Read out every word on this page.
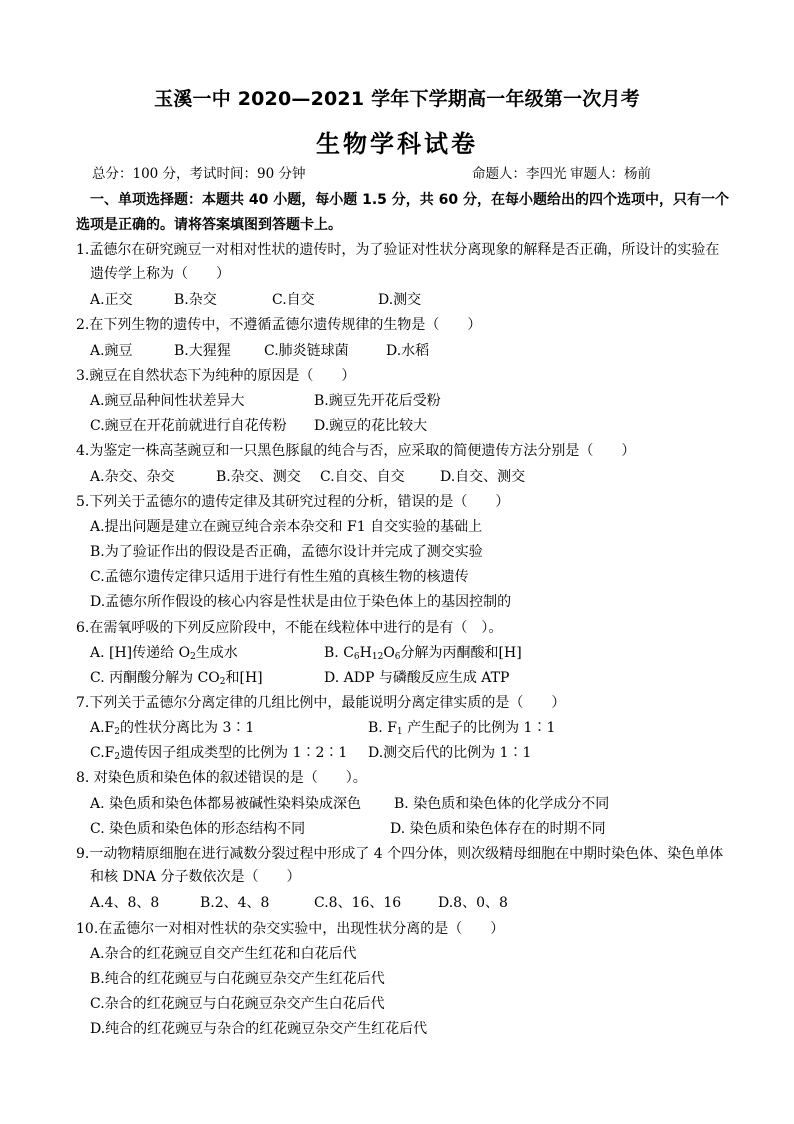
玉溪一中 2020—2021 学年下学期高一年级第一次月考
生物学科试卷
总分：100 分，考试时间：90 分钟	命题人：李四光 审题人：杨前
一、单项选择题：本题共 40 小题，每小题 1.5 分，共 60 分，在每小题给出的四个选项中，只有一个
选项是正确的。请将答案填图到答题卡上。
1.孟德尔在研究豌豆一对相对性状的遗传时，为了验证对性状分离现象的解释是否正确，所设计的实验在
遗传学上称为（　　）
A.正交	B.杂交	C.自交	D.测交
2.在下列生物的遗传中，不遵循孟德尔遗传规律的生物是（　　）
A.豌豆	B.大猩猩 C.肺炎链球菌	D.水稻
3.豌豆在自然状态下为纯种的原因是（　　）
A.豌豆品种间性状差异大	B.豌豆先开花后受粉
C.豌豆在开花前就进行自花传粉 D.豌豆的花比较大
4.为鉴定一株高茎豌豆和一只黑色豚鼠的纯合与否，应采取的简便遗传方法分别是（　　）
A.杂交、杂交	B.杂交、测交 C.自交、自交	D.自交、测交
5.下列关于孟德尔的遗传定律及其研究过程的分析，错误的是（　　）
A.提出问题是建立在豌豆纯合亲本杂交和 F1 自交实验的基础上
B.为了验证作出的假设是否正确，孟德尔设计并完成了测交实验
C.孟德尔遗传定律只适用于进行有性生殖的真核生物的核遗传
D.孟德尔所作假设的核心内容是性状是由位于染色体上的基因控制的
6.在需氧呼吸的下列反应阶段中，不能在线粒体中进行的是有（　）。
A. [H]传递给 $O_2$生成水	B. $C_6H_{12}O_6$分解为丙酮酸和[H]
C. 丙酮酸分解为 $CO_2$和[H]	D. ADP 与磷酸反应生成 ATP
7.下列关于孟德尔分离定律的几组比例中，最能说明分离定律实质的是（　　）
$A.F_2$的性状分离比为 3∶1	B. $F_1$ 产生配子的比例为 1∶1
$C.F_2$遗传因子组成类型的比例为 1∶2∶1 D.测交后代的比例为 1∶1
8. 对染色质和染色体的叙述错误的是（　　）。
A. 染色质和染色体都易被碱性染料染成深色 B. 染色质和染色体的化学成分不同
C. 染色质和染色体的形态结构不同	D. 染色质和染色体存在的时期不同
9.一动物精原细胞在进行减数分裂过程中形成了 4 个四分体，则次级精母细胞在中期时染色体、染色单体
和核 DNA 分子数依次是（　　）
A.4、8、8	B.2、4、8	C.8、16、16	D.8、0、8
10.在孟德尔一对相对性状的杂交实验中，出现性状分离的是（　　）
A.杂合的红花豌豆自交产生红花和白花后代
B.纯合的红花豌豆与白花豌豆杂交产生红花后代
C.杂合的红花豌豆与白花豌豆杂交产生白花后代
D.纯合的红花豌豆与杂合的红花豌豆杂交产生红花后代
